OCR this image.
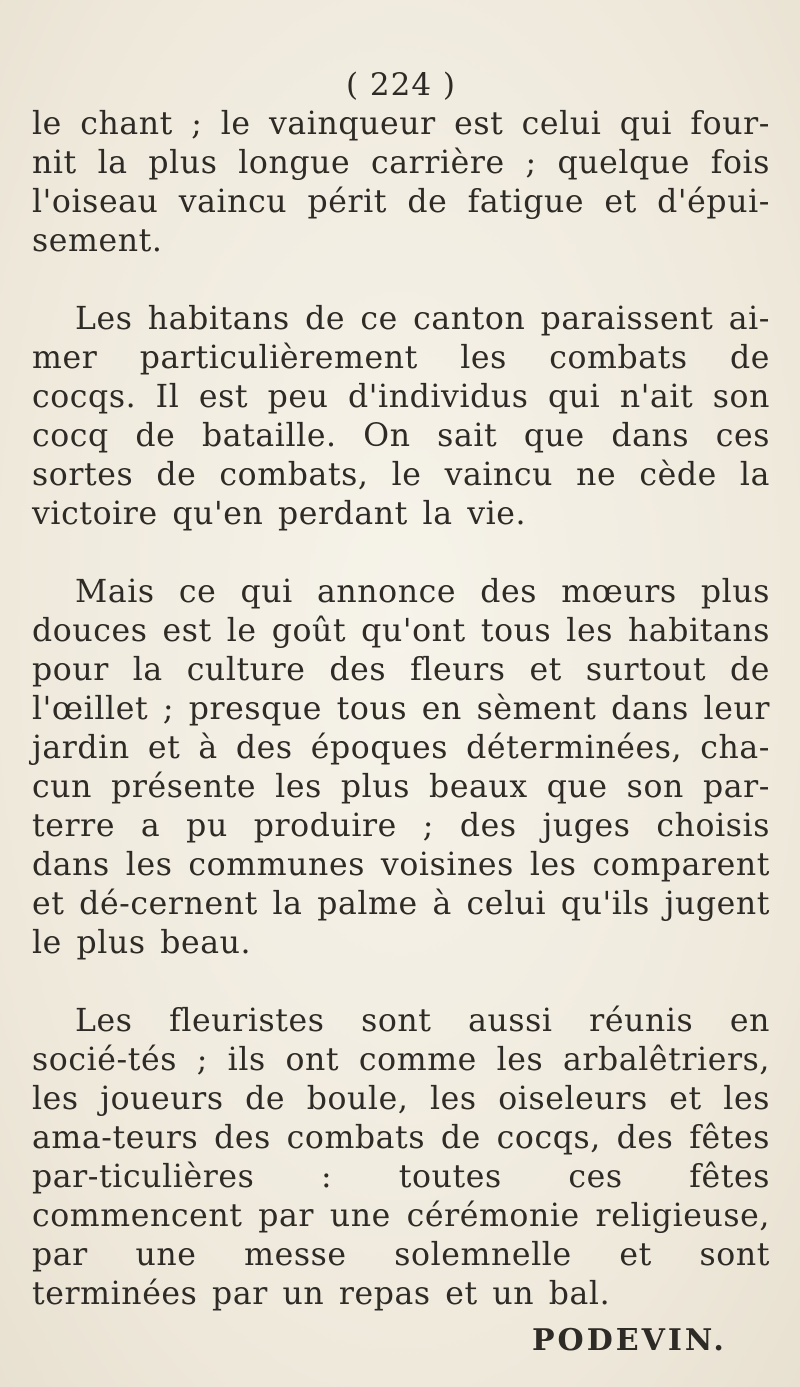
( 224 )

le chant ; le vainqueur est celui qui four-nit la plus longue carrière ; quelque fois l'oiseau vaincu périt de fatigue et d'épui-sement.

Les habitans de ce canton paraissent ai-mer particulièrement les combats de cocqs. Il est peu d'individus qui n'ait son cocq de bataille. On sait que dans ces sortes de combats, le vaincu ne cède la victoire qu'en perdant la vie.

Mais ce qui annonce des mœurs plus douces est le goût qu'ont tous les habitans pour la culture des fleurs et surtout de l'œillet ; presque tous en sèment dans leur jardin et à des époques déterminées, cha-cun présente les plus beaux que son par-terre a pu produire ; des juges choisis dans les communes voisines les comparent et dé-cernent la palme à celui qu'ils jugent le plus beau.

Les fleuristes sont aussi réunis en socié-tés ; ils ont comme les arbalêtriers, les joueurs de boule, les oiseleurs et les ama-teurs des combats de cocqs, des fêtes par-ticulières : toutes ces fêtes commencent par une cérémonie religieuse, par une messe solemnelle et sont terminées par un repas et un bal.

PODEVIN.
